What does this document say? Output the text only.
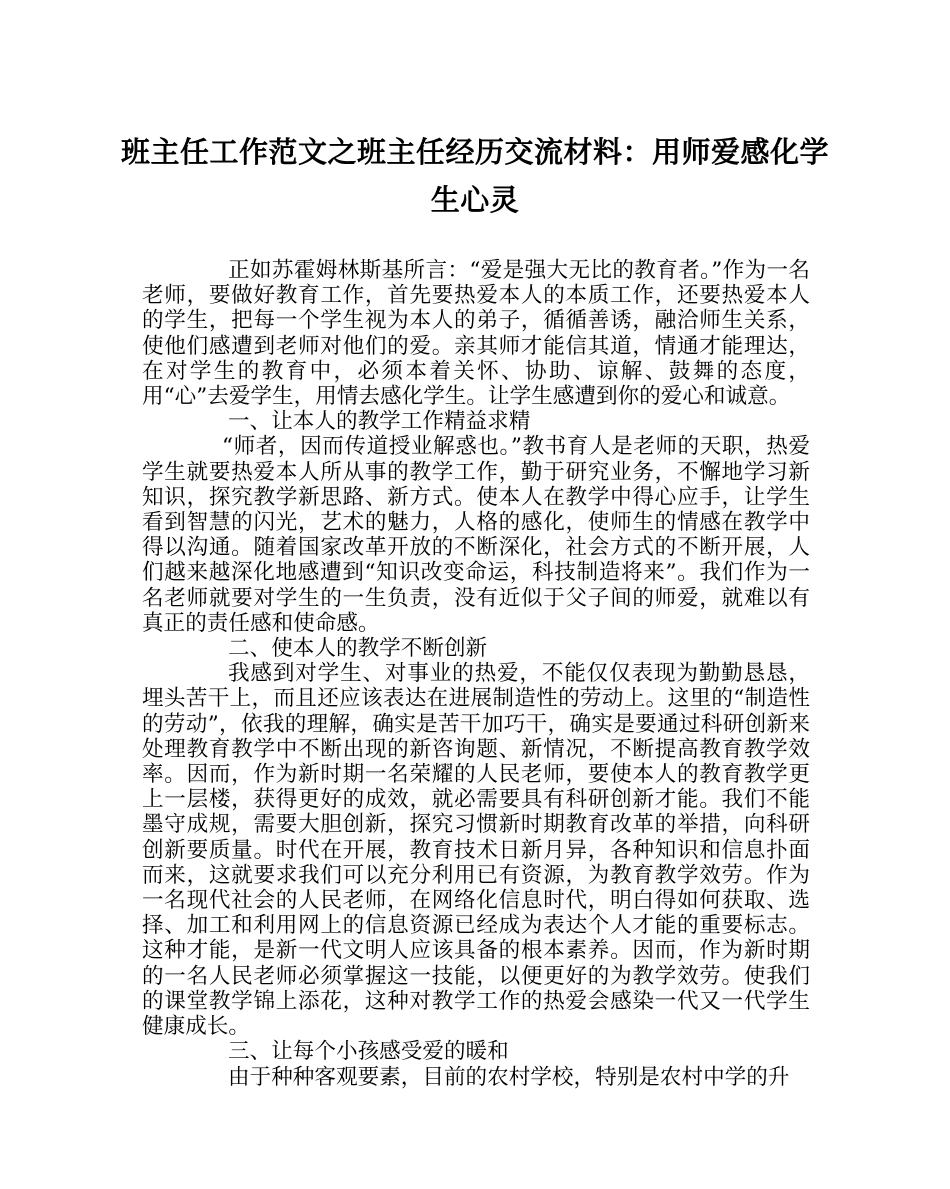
班主任工作范文之班主任经历交流材料：用师爱感化学生心灵

正如苏霍姆林斯基所言：“爱是强大无比的教育者。”作为一名老师，要做好教育工作，首先要热爱本人的本质工作，还要热爱本人的学生，把每一个学生视为本人的弟子，循循善诱，融洽师生关系，使他们感遭到老师对他们的爱。亲其师才能信其道，情通才能理达，在对学生的教育中，必须本着关怀、协助、谅解、鼓舞的态度，用“心”去爱学生，用情去感化学生。让学生感遭到你的爱心和诚意。

一、让本人的教学工作精益求精

“师者，因而传道授业解惑也。”教书育人是老师的天职，热爱学生就要热爱本人所从事的教学工作，勤于研究业务，不懈地学习新知识，探究教学新思路、新方式。使本人在教学中得心应手，让学生看到智慧的闪光，艺术的魅力，人格的感化，使师生的情感在教学中得以沟通。随着国家改革开放的不断深化，社会方式的不断开展，人们越来越深化地感遭到“知识改变命运，科技制造将来”。我们作为一名老师就要对学生的一生负责，没有近似于父子间的师爱，就难以有真正的责任感和使命感。

二、使本人的教学不断创新

我感到对学生、对事业的热爱，不能仅仅表现为勤勤恳恳，埋头苦干上，而且还应该表达在进展制造性的劳动上。这里的“制造性的劳动”，依我的理解，确实是苦干加巧干，确实是要通过科研创新来处理教育教学中不断出现的新咨询题、新情况，不断提高教育教学效率。因而，作为新时期一名荣耀的人民老师，要使本人的教育教学更上一层楼，获得更好的成效，就必需要具有科研创新才能。我们不能墨守成规，需要大胆创新，探究习惯新时期教育改革的举措，向科研创新要质量。时代在开展，教育技术日新月异，各种知识和信息扑面而来，这就要求我们可以充分利用已有资源，为教育教学效劳。作为一名现代社会的人民老师，在网络化信息时代，明白得如何获取、选择、加工和利用网上的信息资源已经成为表达个人才能的重要标志。这种才能，是新一代文明人应该具备的根本素养。因而，作为新时期的一名人民老师必须掌握这一技能，以便更好的为教学效劳。使我们的课堂教学锦上添花，这种对教学工作的热爱会感染一代又一代学生健康成长。

三、让每个小孩感受爱的暖和

由于种种客观要素，目前的农村学校，特别是农村中学的升
